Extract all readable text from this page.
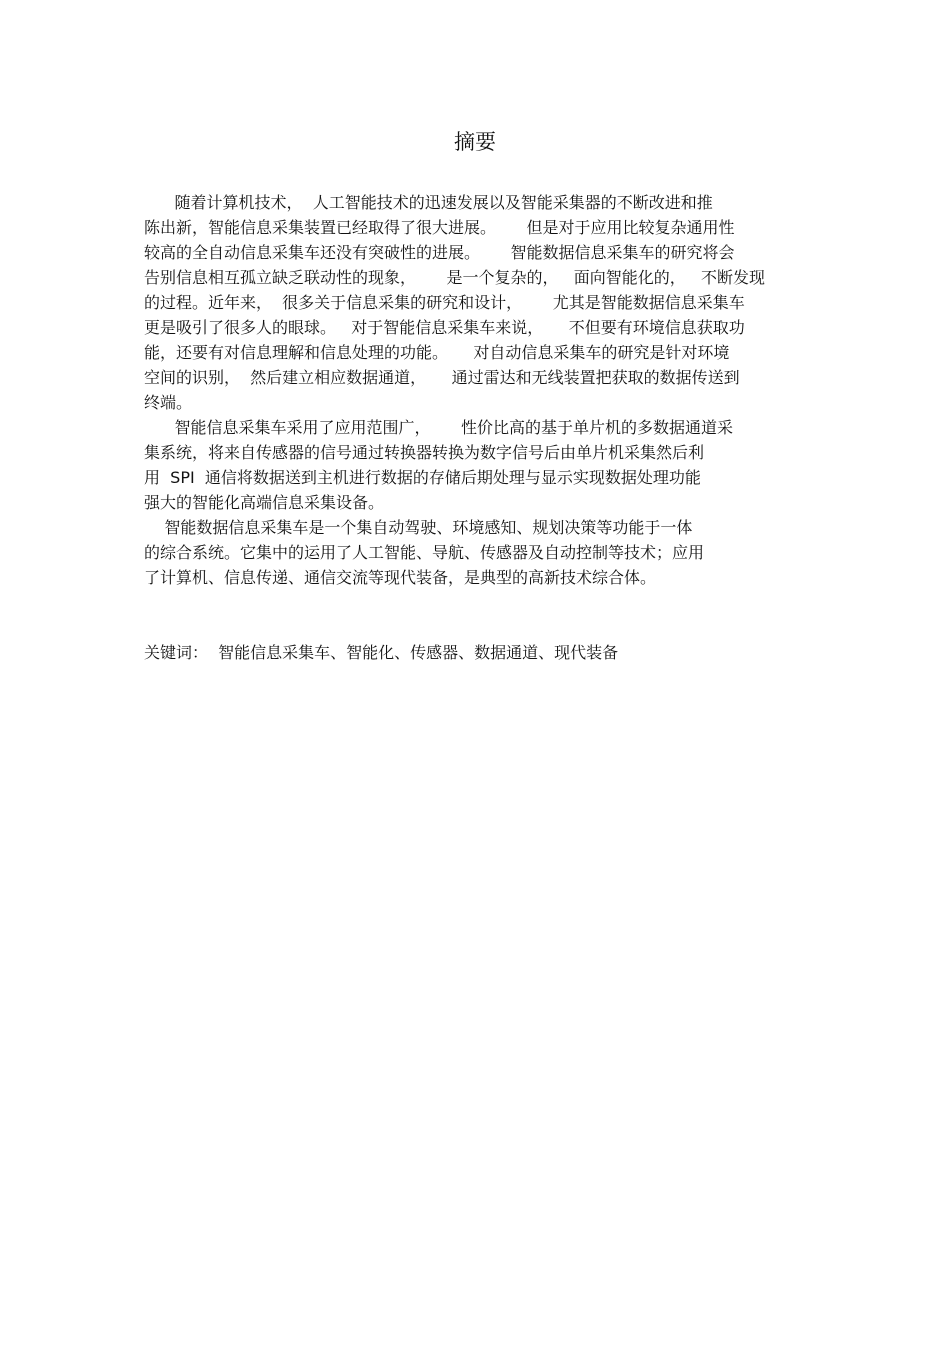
摘要
随着计算机技术，  人工智能技术的迅速发展以及智能采集器的不断改进和推
陈出新，智能信息采集装置已经取得了很大进展。      但是对于应用比较复杂通用性
较高的全自动信息采集车还没有突破性的进展。      智能数据信息采集车的研究将会
告别信息相互孤立缺乏联动性的现象，      是一个复杂的，   面向智能化的，   不断发现
的过程。近年来，  很多关于信息采集的研究和设计，      尤其是智能数据信息采集车
更是吸引了很多人的眼球。   对于智能信息采集车来说，     不但要有环境信息获取功
能，还要有对信息理解和信息处理的功能。     对自动信息采集车的研究是针对环境
空间的识别，  然后建立相应数据通道，     通过雷达和无线装置把获取的数据传送到
终端。
智能信息采集车采用了应用范围广，      性价比高的基于单片机的多数据通道采
集系统，将来自传感器的信号通过转换器转换为数字信号后由单片机采集然后利
用  SPI  通信将数据送到主机进行数据的存储后期处理与显示实现数据处理功能
强大的智能化高端信息采集设备。
智能数据信息采集车是一个集自动驾驶、环境感知、规划决策等功能于一体
的综合系统。它集中的运用了人工智能、导航、传感器及自动控制等技术；应用
了计算机、信息传递、通信交流等现代装备，是典型的高新技术综合体。
关键词：  智能信息采集车、智能化、传感器、数据通道、现代装备
